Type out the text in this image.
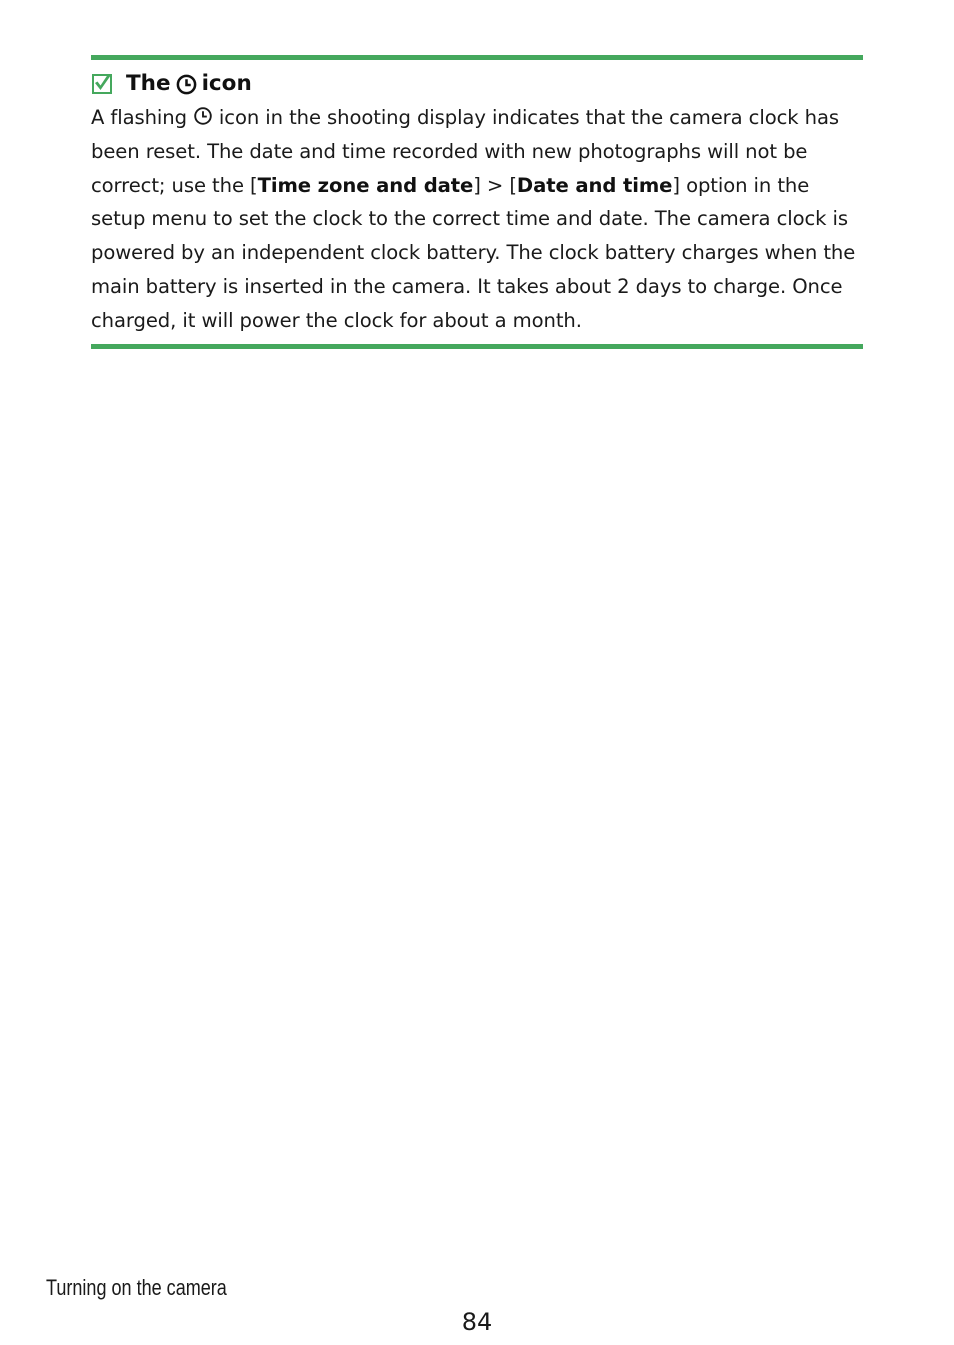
The icon

A flashing icon in the shooting display indicates that the camera clock has been reset. The date and time recorded with new photographs will not be correct; use the [Time zone and date] > [Date and time] option in the setup menu to set the clock to the correct time and date. The camera clock is powered by an independent clock battery. The clock battery charges when the main battery is inserted in the camera. It takes about 2 days to charge. Once charged, it will power the clock for about a month.

Turning on the camera
84
